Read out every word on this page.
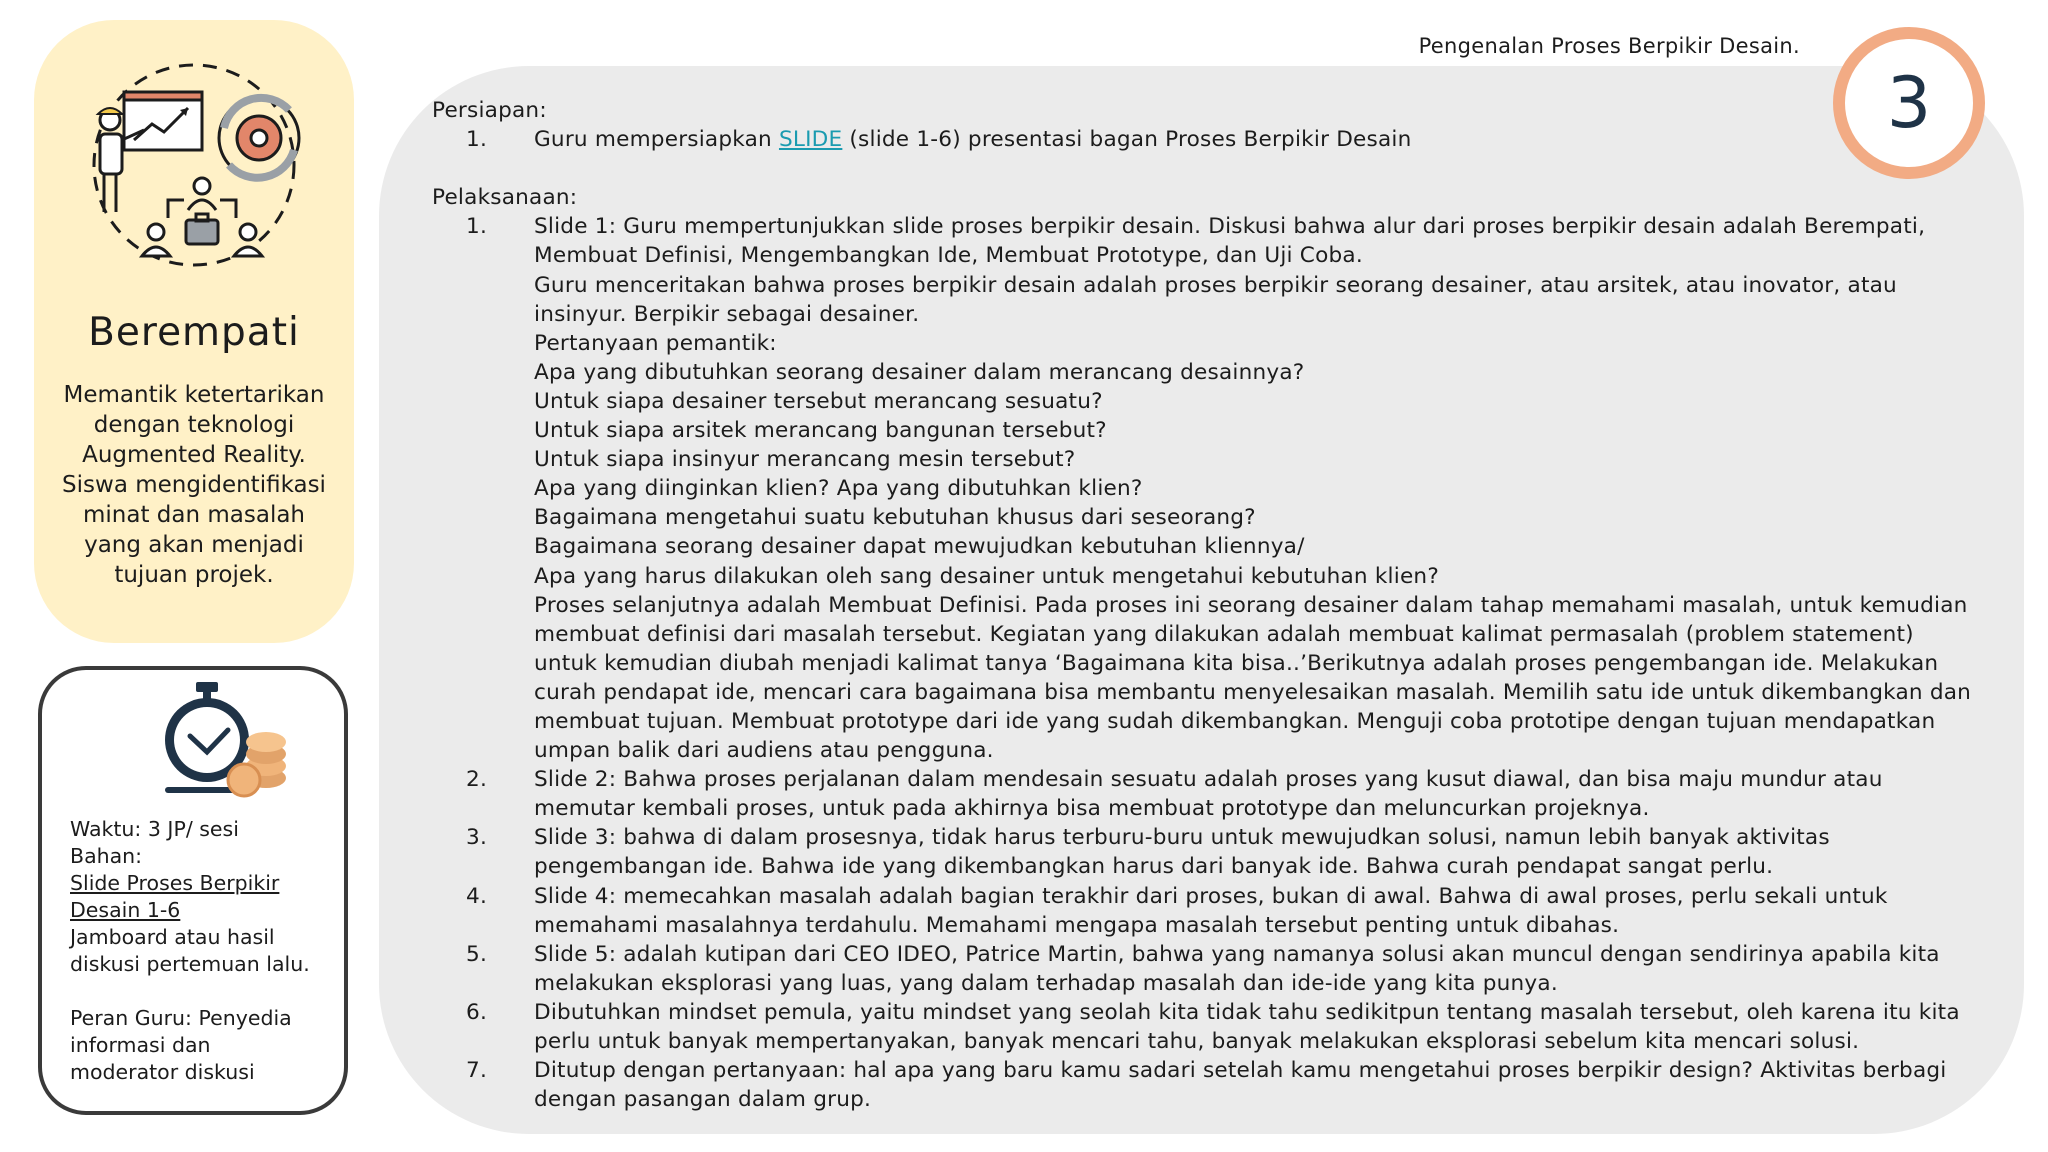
Pengenalan Proses Berpikir Desain.
3
Berempati
Memantik ketertarikan
dengan teknologi
Augmented Reality.
Siswa mengidentifikasi
minat dan masalah
yang akan menjadi
tujuan projek.
Waktu: 3 JP/ sesi
Bahan:
Slide Proses Berpikir
Desain 1-6
Jamboard atau hasil
diskusi pertemuan lalu.
Peran Guru: Penyedia
informasi dan
moderator diskusi
Persiapan:
1. Guru mempersiapkan SLIDE (slide 1-6) presentasi bagan Proses Berpikir Desain
Pelaksanaan:
1. Slide 1: Guru mempertunjukkan slide proses berpikir desain. Diskusi bahwa alur dari proses berpikir desain adalah Berempati,
Membuat Definisi, Mengembangkan Ide, Membuat Prototype, dan Uji Coba.
Guru menceritakan bahwa proses berpikir desain adalah proses berpikir seorang desainer, atau arsitek, atau inovator, atau
insinyur. Berpikir sebagai desainer.
Pertanyaan pemantik:
Apa yang dibutuhkan seorang desainer dalam merancang desainnya?
Untuk siapa desainer tersebut merancang sesuatu?
Untuk siapa arsitek merancang bangunan tersebut?
Untuk siapa insinyur merancang mesin tersebut?
Apa yang diinginkan klien? Apa yang dibutuhkan klien?
Bagaimana mengetahui suatu kebutuhan khusus dari seseorang?
Bagaimana seorang desainer dapat mewujudkan kebutuhan kliennya/
Apa yang harus dilakukan oleh sang desainer untuk mengetahui kebutuhan klien?
Proses selanjutnya adalah Membuat Definisi. Pada proses ini seorang desainer dalam tahap memahami masalah, untuk kemudian
membuat definisi dari masalah tersebut. Kegiatan yang dilakukan adalah membuat kalimat permasalah (problem statement)
untuk kemudian diubah menjadi kalimat tanya ‘Bagaimana kita bisa..’Berikutnya adalah proses pengembangan ide. Melakukan
curah pendapat ide, mencari cara bagaimana bisa membantu menyelesaikan masalah. Memilih satu ide untuk dikembangkan dan
membuat tujuan. Membuat prototype dari ide yang sudah dikembangkan. Menguji coba prototipe dengan tujuan mendapatkan
umpan balik dari audiens atau pengguna.
2. Slide 2: Bahwa proses perjalanan dalam mendesain sesuatu adalah proses yang kusut diawal, dan bisa maju mundur atau
memutar kembali proses, untuk pada akhirnya bisa membuat prototype dan meluncurkan projeknya.
3. Slide 3: bahwa di dalam prosesnya, tidak harus terburu-buru untuk mewujudkan solusi, namun lebih banyak aktivitas
pengembangan ide. Bahwa ide yang dikembangkan harus dari banyak ide. Bahwa curah pendapat sangat perlu.
4. Slide 4: memecahkan masalah adalah bagian terakhir dari proses, bukan di awal. Bahwa di awal proses, perlu sekali untuk
memahami masalahnya terdahulu. Memahami mengapa masalah tersebut penting untuk dibahas.
5. Slide 5: adalah kutipan dari CEO IDEO, Patrice Martin, bahwa yang namanya solusi akan muncul dengan sendirinya apabila kita
melakukan eksplorasi yang luas, yang dalam terhadap masalah dan ide-ide yang kita punya.
6. Dibutuhkan mindset pemula, yaitu mindset yang seolah kita tidak tahu sedikitpun tentang masalah tersebut, oleh karena itu kita
perlu untuk banyak mempertanyakan, banyak mencari tahu, banyak melakukan eksplorasi sebelum kita mencari solusi.
7. Ditutup dengan pertanyaan: hal apa yang baru kamu sadari setelah kamu mengetahui proses berpikir design? Aktivitas berbagi
dengan pasangan dalam grup.
